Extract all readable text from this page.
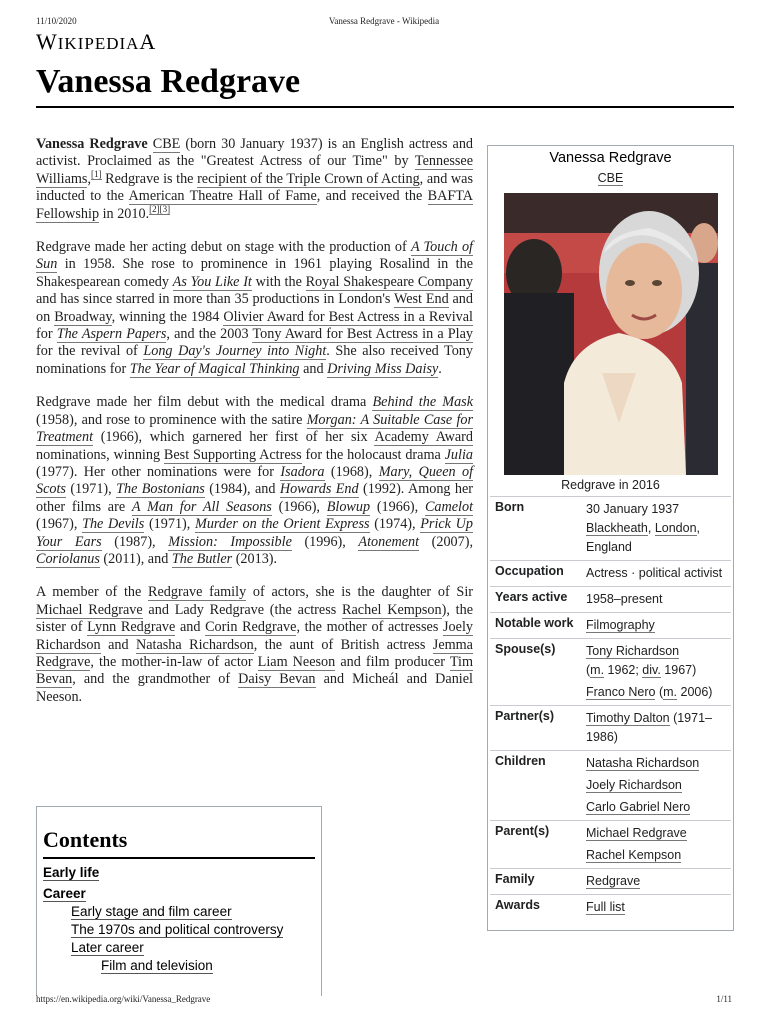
11/10/2020	Vanessa Redgrave - Wikipedia
WIKIPEDIAA
Vanessa Redgrave

Vanessa Redgrave CBE (born 30 January 1937) is an English actress and activist. Proclaimed as the "Greatest Actress of our Time" by Tennessee Williams,[1] Redgrave is the recipient of the Triple Crown of Acting, and was inducted to the American Theatre Hall of Fame, and received the BAFTA Fellowship in 2010.[2][3]

Redgrave made her acting debut on stage with the production of A Touch of Sun in 1958. She rose to prominence in 1961 playing Rosalind in the Shakespearean comedy As You Like It with the Royal Shakespeare Company and has since starred in more than 35 productions in London's West End and on Broadway, winning the 1984 Olivier Award for Best Actress in a Revival for The Aspern Papers, and the 2003 Tony Award for Best Actress in a Play for the revival of Long Day's Journey into Night. She also received Tony nominations for The Year of Magical Thinking and Driving Miss Daisy.

Redgrave made her film debut with the medical drama Behind the Mask (1958), and rose to prominence with the satire Morgan: A Suitable Case for Treatment (1966), which garnered her first of her six Academy Award nominations, winning Best Supporting Actress for the holocaust drama Julia (1977). Her other nominations were for Isadora (1968), Mary, Queen of Scots (1971), The Bostonians (1984), and Howards End (1992). Among her other films are A Man for All Seasons (1966), Blowup (1966), Camelot (1967), The Devils (1971), Murder on the Orient Express (1974), Prick Up Your Ears (1987), Mission: Impossible (1996), Atonement (2007), Coriolanus (2011), and The Butler (2013).

A member of the Redgrave family of actors, she is the daughter of Sir Michael Redgrave and Lady Redgrave (the actress Rachel Kempson), the sister of Lynn Redgrave and Corin Redgrave, the mother of actresses Joely Richardson and Natasha Richardson, the aunt of British actress Jemma Redgrave, the mother-in-law of actor Liam Neeson and film producer Tim Bevan, and the grandmother of Daisy Bevan and Micheál and Daniel Neeson.

Contents
Early life
Career
Early stage and film career
The 1970s and political controversy
Later career
Film and television
Vanessa Redgrave
CBE
Redgrave in 2016
Born	30 January 1937
Blackheath, London,
England
Occupation	Actress · political activist
Years active	1958–present
Notable work	Filmography
Spouse(s)	Tony Richardson
(m. 1962; div. 1967)
Franco Nero (m. 2006)
Partner(s)	Timothy Dalton (1971–1986)
Children	Natasha Richardson
Joely Richardson
Carlo Gabriel Nero
Parent(s)	Michael Redgrave
Rachel Kempson
Family	Redgrave
Awards	Full list
https://en.wikipedia.org/wiki/Vanessa_Redgrave	1/11
